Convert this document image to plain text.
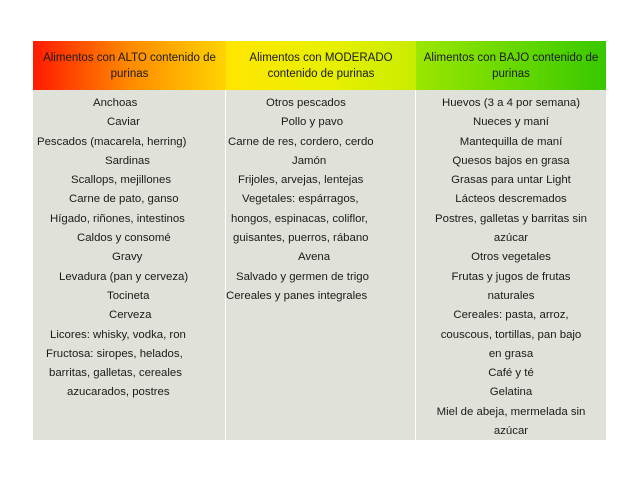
Alimentos con ALTO contenido de purinas
Alimentos con MODERADO contenido de purinas
Alimentos con BAJO contenido de purinas
Anchoas
Caviar
Pescados (macarela, herring)
Sardinas
Scallops, mejillones
Carne de pato, ganso
Hígado, riñones, intestinos
Caldos y consomé
Gravy
Levadura (pan y cerveza)
Tocineta
Cerveza
Licores: whisky, vodka, ron
Fructosa: siropes, helados,
barritas, galletas, cereales
azucarados, postres
Otros pescados
Pollo y pavo
Carne de res, cordero, cerdo
Jamón
Frijoles, arvejas, lentejas
Vegetales: espárragos,
hongos, espinacas, coliflor,
guisantes, puerros, rábano
Avena
Salvado y germen de trigo
Cereales y panes integrales
Huevos (3 a 4 por semana)
Nueces y maní
Mantequilla de maní
Quesos bajos en grasa
Grasas para untar Light
Lácteos descremados
Postres, galletas y barritas sin
azúcar
Otros vegetales
Frutas y jugos de frutas
naturales
Cereales: pasta, arroz,
couscous, tortillas, pan bajo
en grasa
Café y té
Gelatina
Miel de abeja, mermelada sin
azúcar
